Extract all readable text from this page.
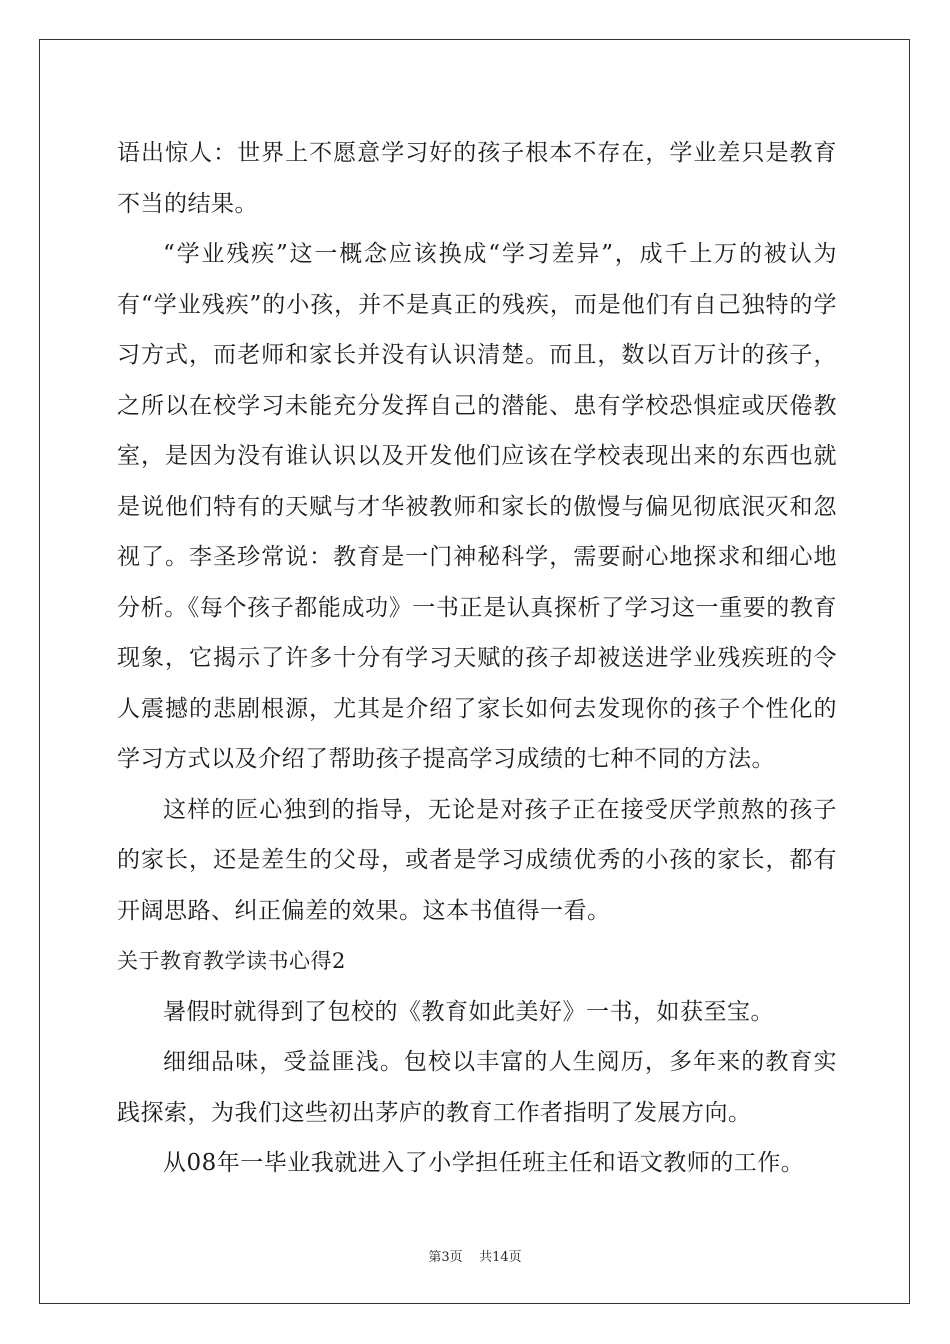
语出惊人：世界上不愿意学习好的孩子根本不存在，学业差只是教育不当的结果。

“学业残疾”这一概念应该换成“学习差异”，成千上万的被认为有“学业残疾”的小孩，并不是真正的残疾，而是他们有自己独特的学习方式，而老师和家长并没有认识清楚。而且，数以百万计的孩子，之所以在校学习未能充分发挥自己的潜能、患有学校恐惧症或厌倦教室，是因为没有谁认识以及开发他们应该在学校表现出来的东西也就是说他们特有的天赋与才华被教师和家长的傲慢与偏见彻底泯灭和忽视了。李圣珍常说：教育是一门神秘科学，需要耐心地探求和细心地分析。《每个孩子都能成功》一书正是认真探析了学习这一重要的教育现象，它揭示了许多十分有学习天赋的孩子却被送进学业残疾班的令人震撼的悲剧根源，尤其是介绍了家长如何去发现你的孩子个性化的学习方式以及介绍了帮助孩子提高学习成绩的七种不同的方法。

这样的匠心独到的指导，无论是对孩子正在接受厌学煎熬的孩子的家长，还是差生的父母，或者是学习成绩优秀的小孩的家长，都有开阔思路、纠正偏差的效果。这本书值得一看。

关于教育教学读书心得2

暑假时就得到了包校的《教育如此美好》一书，如获至宝。

细细品味，受益匪浅。包校以丰富的人生阅历，多年来的教育实践探索，为我们这些初出茅庐的教育工作者指明了发展方向。

从08年一毕业我就进入了小学担任班主任和语文教师的工作。

第3页 共14页
